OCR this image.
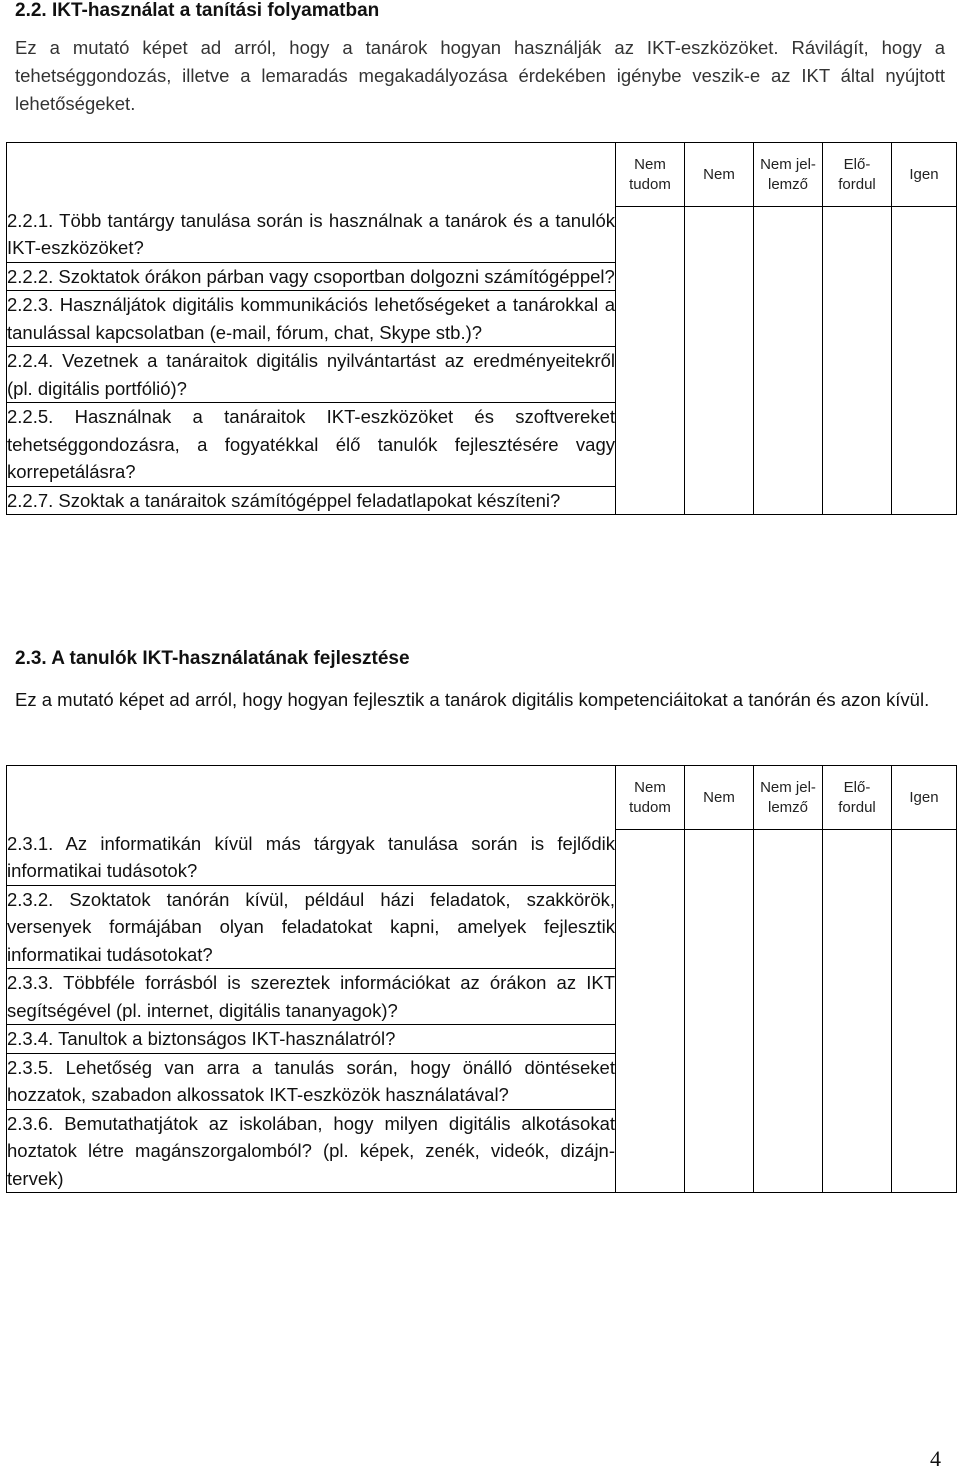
2.2. IKT-használat a tanítási folyamatban
Ez a mutató képet ad arról, hogy a tanárok hogyan használják az IKT-eszközöket. Rávilágít, hogy a tehetséggondozás, illetve a lemaradás megakadályozása érdekében igénybe veszik-e az IKT által nyújtott lehetőségeket.
	Nem tudom	Nem	Nem jel-lemző	Elő-fordul	Igen

2.2.1. Több tantárgy tanulása során is használnak a tanárok és a tanulók IKT-eszközöket?					

2.2.2. Szoktatok órákon párban vagy csoportban dolgozni számítógéppel?					

2.2.3. Használjátok digitális kommunikációs lehetőségeket a tanárokkal a tanulással kapcsolatban (e-mail, fórum, chat, Skype stb.)?					

2.2.4. Vezetnek a tanáraitok digitális nyilvántartást az eredményeitekről (pl. digitális portfólió)?					

2.2.5. Használnak a tanáraitok IKT-eszközöket és szoftvereket tehetséggondozásra, a fogyatékkal élő tanulók fejlesztésére vagy korrepetálásra?					

2.2.7. Szoktak a tanáraitok számítógéppel feladatlapokat készíteni?					
2.3. A tanulók IKT-használatának fejlesztése
Ez a mutató képet ad arról, hogy hogyan fejlesztik a tanárok digitális kompetenciáitokat a tanórán és azon kívül.
	Nem tudom	Nem	Nem jel-lemző	Elő-fordul	Igen

2.3.1. Az informatikán kívül más tárgyak tanulása során is fejlődik informatikai tudásotok?					

2.3.2. Szoktatok tanórán kívül, például házi feladatok, szakkörök, versenyek formájában olyan feladatokat kapni, amelyek fejlesztik informatikai tudásotokat?					

2.3.3. Többféle forrásból is szereztek információkat az órákon az IKT segítségével (pl. internet, digitális tananyagok)?					

2.3.4. Tanultok a biztonságos IKT-használatról?					

2.3.5. Lehetőség van arra a tanulás során, hogy önálló döntéseket hozzatok, szabadon alkossatok IKT-eszközök használatával?					

2.3.6. Bemutathatjátok az iskolában, hogy milyen digitális alkotásokat hoztatok létre magánszorgalomból? (pl. képek, zenék, videók, dizájn-tervek)					
4
